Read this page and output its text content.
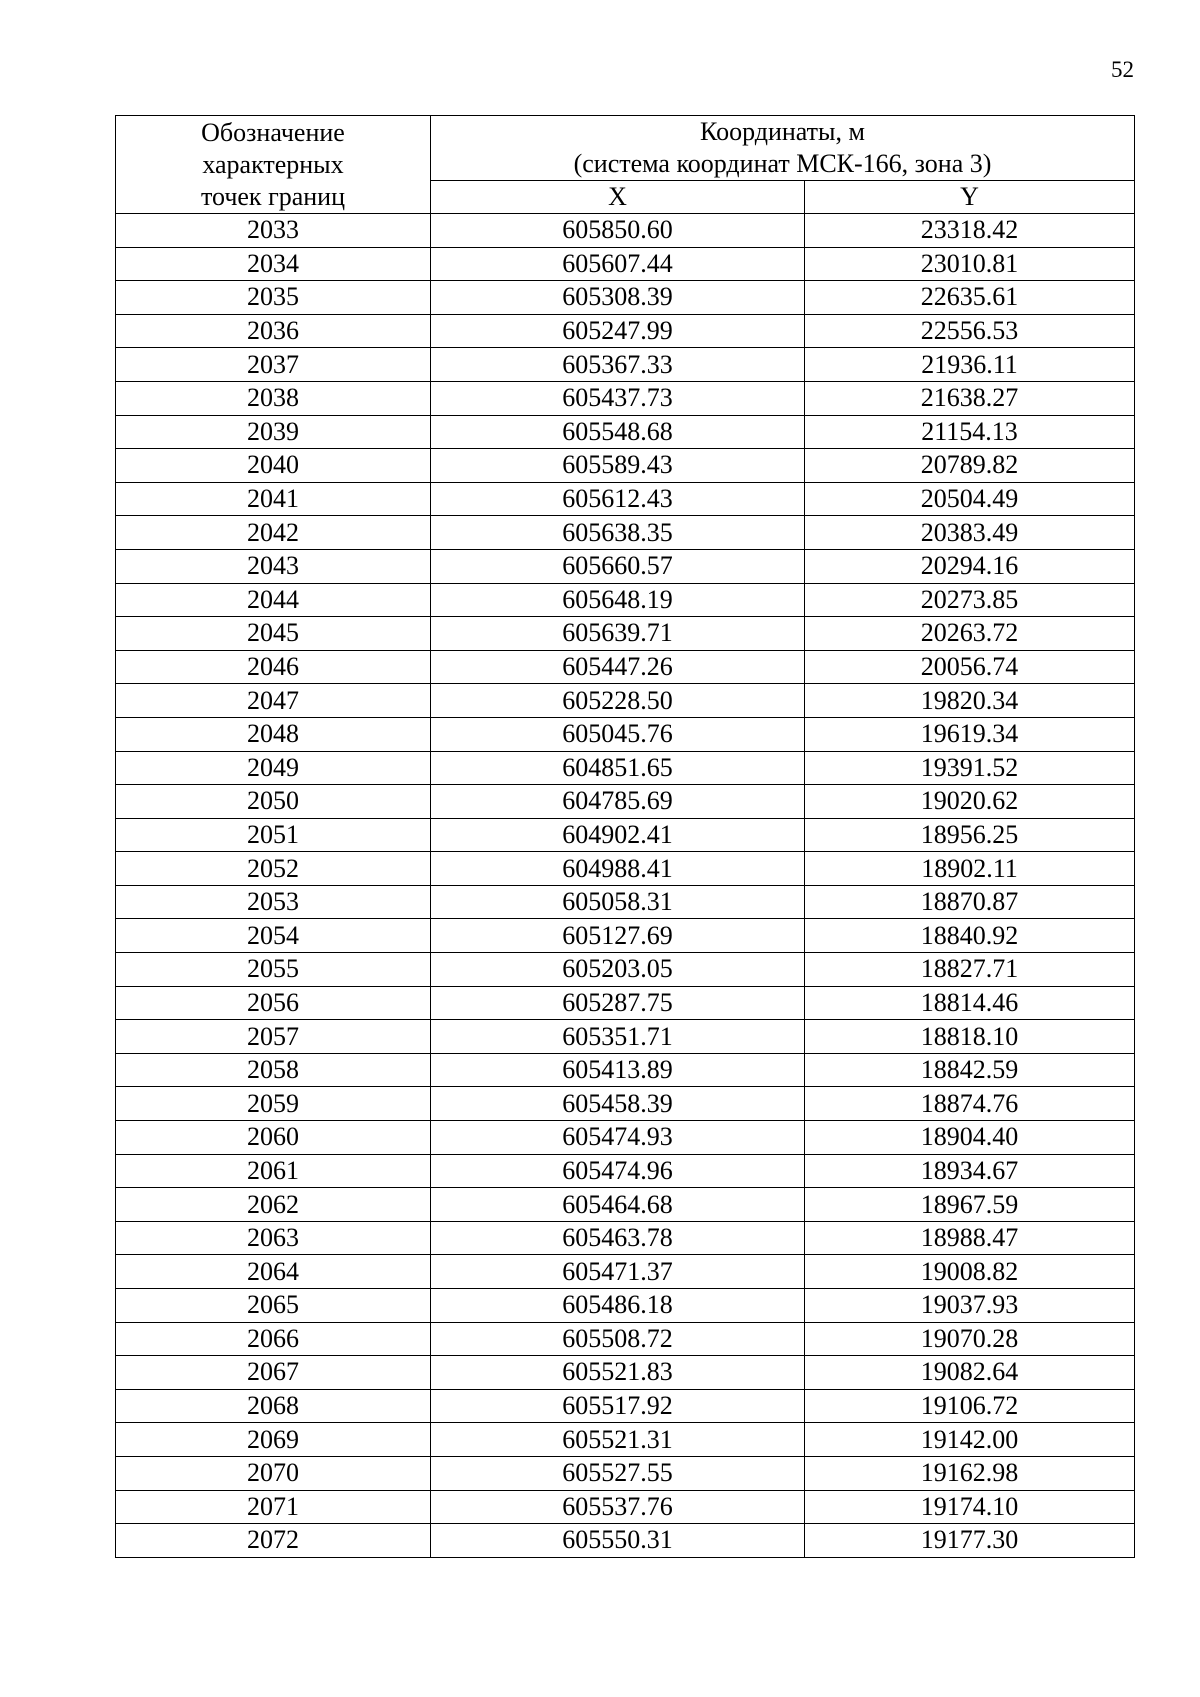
52
Обозначение
характерных
точек границ	Координаты, м
(система координат МСК-166, зона 3)	

	X	Y
2033	605850.60	23318.42
2034	605607.44	23010.81
2035	605308.39	22635.61
2036	605247.99	22556.53
2037	605367.33	21936.11
2038	605437.73	21638.27
2039	605548.68	21154.13
2040	605589.43	20789.82
2041	605612.43	20504.49
2042	605638.35	20383.49
2043	605660.57	20294.16
2044	605648.19	20273.85
2045	605639.71	20263.72
2046	605447.26	20056.74
2047	605228.50	19820.34
2048	605045.76	19619.34
2049	604851.65	19391.52
2050	604785.69	19020.62
2051	604902.41	18956.25
2052	604988.41	18902.11
2053	605058.31	18870.87
2054	605127.69	18840.92
2055	605203.05	18827.71
2056	605287.75	18814.46
2057	605351.71	18818.10
2058	605413.89	18842.59
2059	605458.39	18874.76
2060	605474.93	18904.40
2061	605474.96	18934.67
2062	605464.68	18967.59
2063	605463.78	18988.47
2064	605471.37	19008.82
2065	605486.18	19037.93
2066	605508.72	19070.28
2067	605521.83	19082.64
2068	605517.92	19106.72
2069	605521.31	19142.00
2070	605527.55	19162.98
2071	605537.76	19174.10
2072	605550.31	19177.30
